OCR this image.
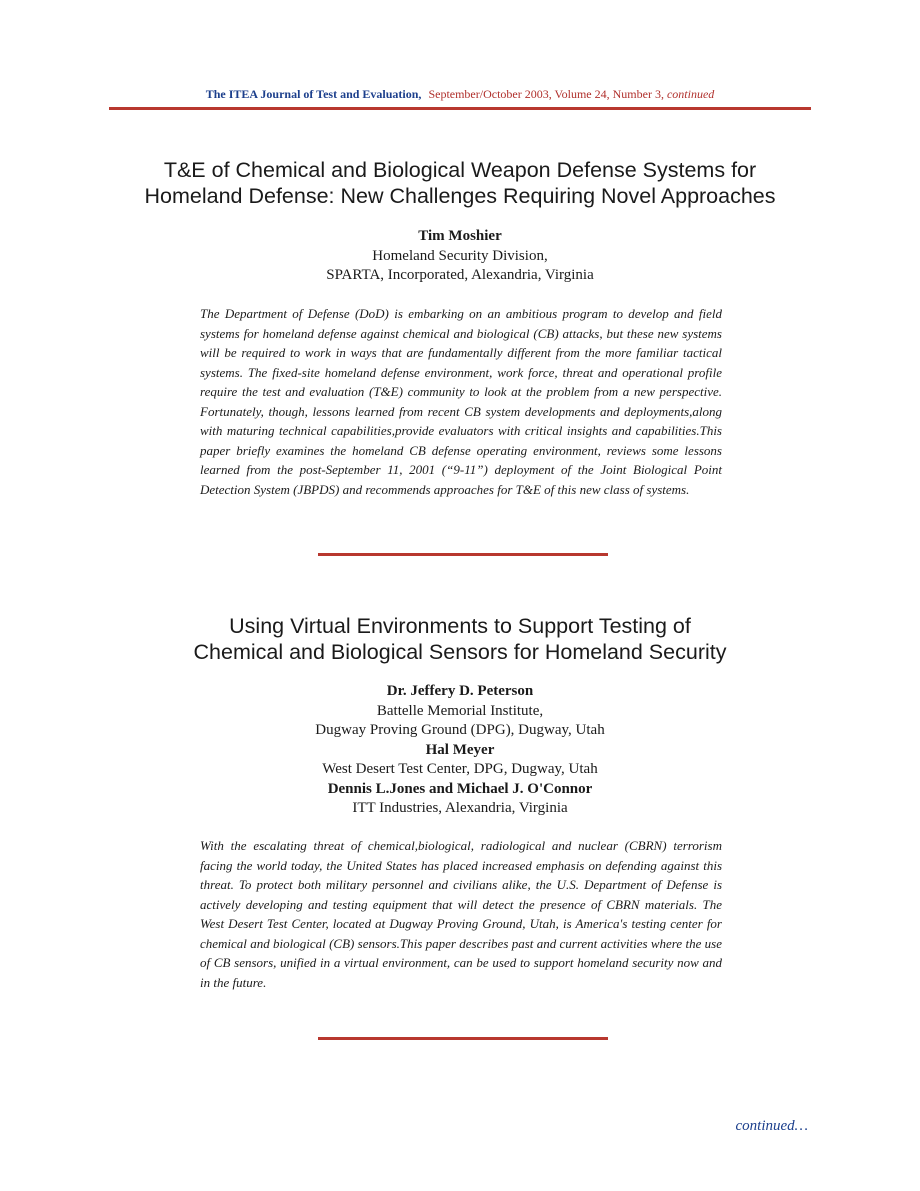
The ITEA Journal of Test and Evaluation, September/October 2003, Volume 24, Number 3, continued
T&E of Chemical and Biological Weapon Defense Systems for
Homeland Defense: New Challenges Requiring Novel Approaches
Tim Moshier
Homeland Security Division,
SPARTA, Incorporated, Alexandria, Virginia

The Department of Defense (DoD) is embarking on an ambitious program to develop and field systems for homeland defense against chemical and biological (CB) attacks, but these new systems will be required to work in ways that are fundamentally different from the more familiar tactical systems. The fixed-site homeland defense environment, work force, threat and operational profile require the test and evaluation (T&E) community to look at the problem from a new perspective. Fortunately, though, lessons learned from recent CB system developments and deployments,along with maturing technical capabilities,provide evaluators with critical insights and capabilities.This paper briefly examines the homeland CB defense operating environment, reviews some lessons learned from the post-September 11, 2001 (“9-11”) deployment of the Joint Biological Point Detection System (JBPDS) and recommends approaches for T&E of this new class of systems.

Using Virtual Environments to Support Testing of
Chemical and Biological Sensors for Homeland Security
Dr. Jeffery D. Peterson
Battelle Memorial Institute,
Dugway Proving Ground (DPG), Dugway, Utah
Hal Meyer
West Desert Test Center, DPG, Dugway, Utah
Dennis L.Jones and Michael J. O'Connor
ITT Industries, Alexandria, Virginia

With the escalating threat of chemical,biological, radiological and nuclear (CBRN) terrorism facing the world today, the United States has placed increased emphasis on defending against this threat. To protect both military personnel and civilians alike, the U.S. Department of Defense is actively developing and testing equipment that will detect the presence of CBRN materials. The West Desert Test Center, located at Dugway Proving Ground, Utah, is America's testing center for chemical and biological (CB) sensors.This paper describes past and current activities where the use of CB sensors, unified in a virtual environment, can be used to support homeland security now and in the future.

continued…
